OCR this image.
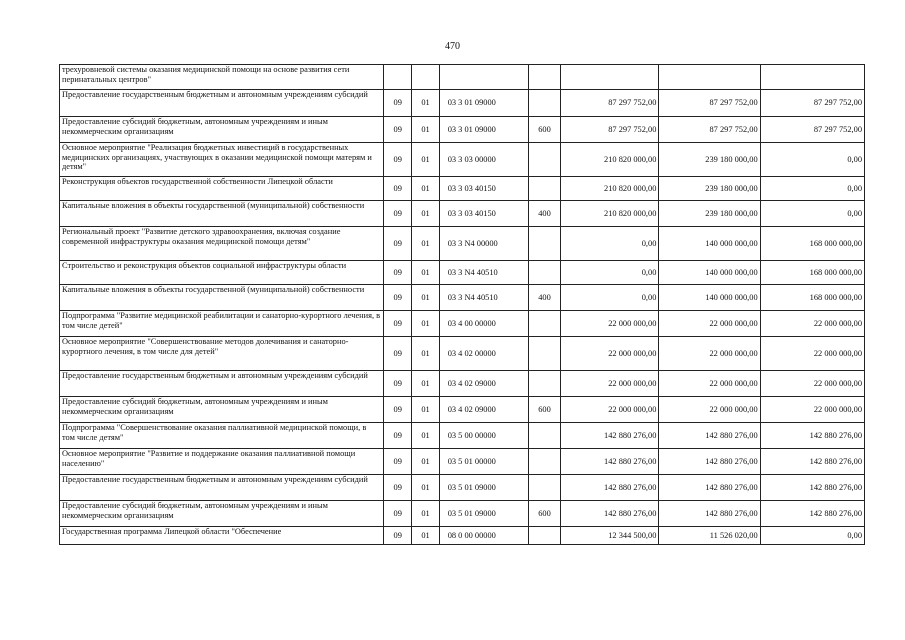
470
трехуровневой системы оказания медицинской помощи на основе развития сети перинатальных центров"							
Предоставление государственным бюджетным и автономным учреждениям субсидий	09	01	03 3 01 09000		87 297 752,00	87 297 752,00	87 297 752,00
Предоставление субсидий бюджетным, автономным учреждениям и иным некоммерческим организациям	09	01	03 3 01 09000	600	87 297 752,00	87 297 752,00	87 297 752,00
Основное мероприятие "Реализация бюджетных инвестиций в государственных медицинских организациях, участвующих в оказании медицинской помощи матерям и детям"	09	01	03 3 03 00000		210 820 000,00	239 180 000,00	0,00
Реконструкция объектов государственной собственности Липецкой области	09	01	03 3 03 40150		210 820 000,00	239 180 000,00	0,00
Капитальные вложения в объекты государственной (муниципальной) собственности	09	01	03 3 03 40150	400	210 820 000,00	239 180 000,00	0,00
Региональный проект "Развитие детского здравоохранения, включая создание современной инфраструктуры оказания медицинской помощи детям"	09	01	03 3 N4 00000		0,00	140 000 000,00	168 000 000,00
Строительство и реконструкция объектов социальной инфраструктуры области	09	01	03 3 N4 40510		0,00	140 000 000,00	168 000 000,00
Капитальные вложения в объекты государственной (муниципальной) собственности	09	01	03 3 N4 40510	400	0,00	140 000 000,00	168 000 000,00
Подпрограмма "Развитие медицинской реабилитации и санаторно-курортного лечения, в том числе детей"	09	01	03 4 00 00000		22 000 000,00	22 000 000,00	22 000 000,00
Основное мероприятие "Совершенствование методов долечивания и санаторно-курортного лечения, в том числе для детей"	09	01	03 4 02 00000		22 000 000,00	22 000 000,00	22 000 000,00
Предоставление государственным бюджетным и автономным учреждениям субсидий	09	01	03 4 02 09000		22 000 000,00	22 000 000,00	22 000 000,00
Предоставление субсидий бюджетным, автономным учреждениям и иным некоммерческим организациям	09	01	03 4 02 09000	600	22 000 000,00	22 000 000,00	22 000 000,00
Подпрограмма "Совершенствование оказания паллиативной медицинской помощи, в том числе детям"	09	01	03 5 00 00000		142 880 276,00	142 880 276,00	142 880 276,00
Основное мероприятие "Развитие и поддержание оказания паллиативной помощи населению"	09	01	03 5 01 00000		142 880 276,00	142 880 276,00	142 880 276,00
Предоставление государственным бюджетным и автономным учреждениям субсидий	09	01	03 5 01 09000		142 880 276,00	142 880 276,00	142 880 276,00
Предоставление субсидий бюджетным, автономным учреждениям и иным некоммерческим организациям	09	01	03 5 01 09000	600	142 880 276,00	142 880 276,00	142 880 276,00
Государственная программа Липецкой области "Обеспечение	09	01	08 0 00 00000		12 344 500,00	11 526 020,00	0,00
